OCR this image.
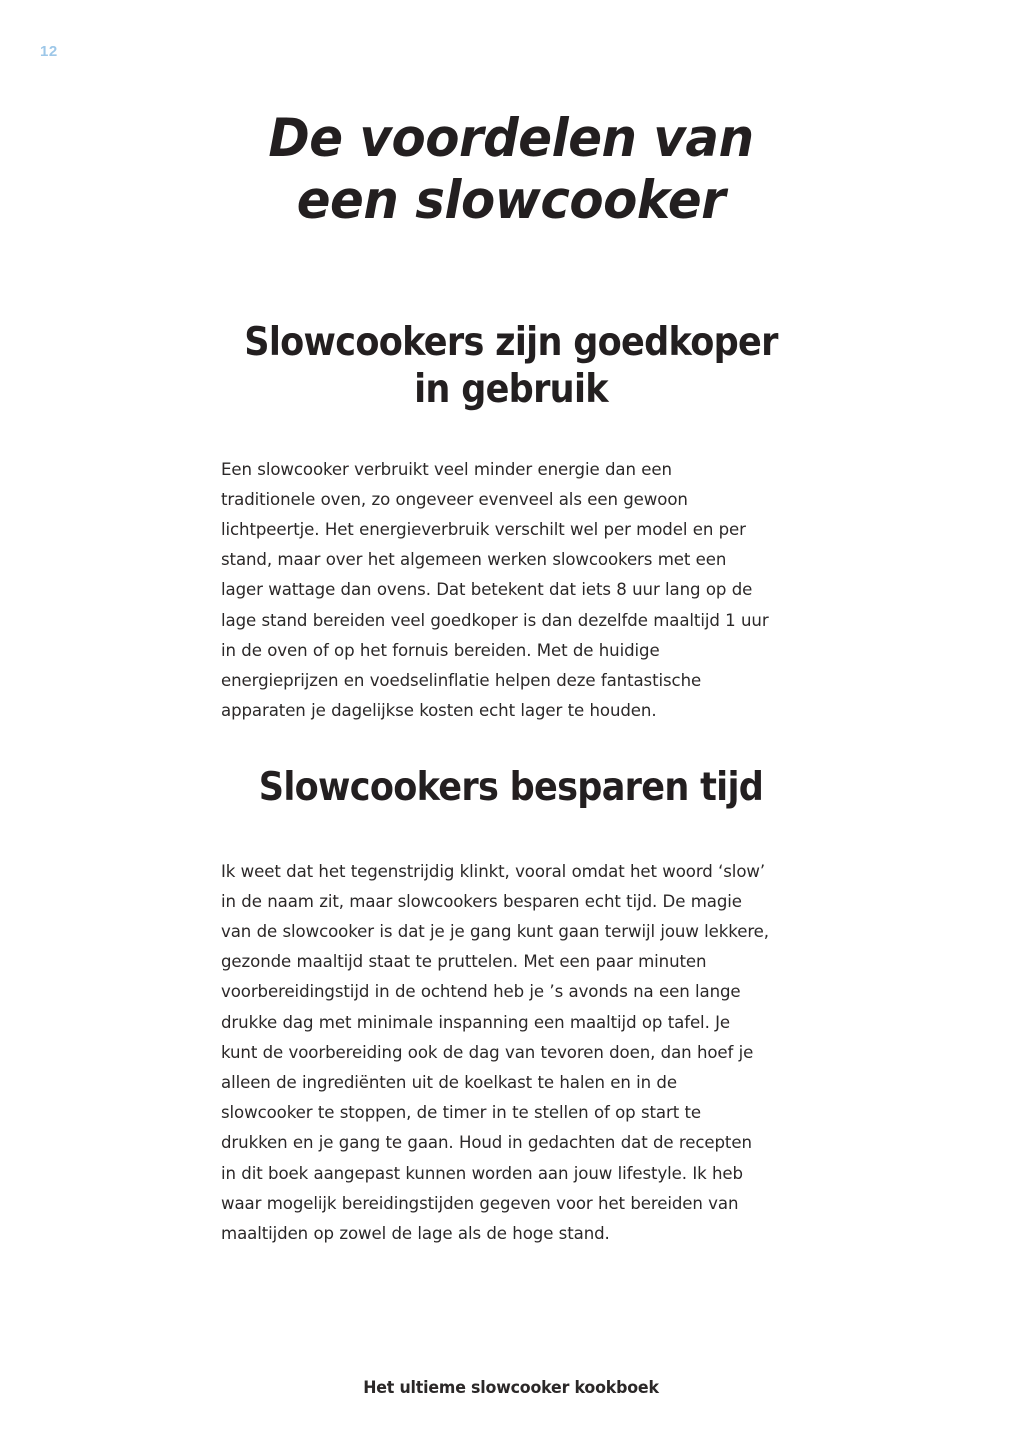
12
De voordelen van
een slowcooker
Slowcookers zijn goedkoper
in gebruik

Een slowcooker verbruikt veel minder energie dan een traditionele oven, zo ongeveer evenveel als een gewoon lichtpeertje. Het energieverbruik verschilt wel per model en per stand, maar over het algemeen werken slowcookers met een lager wattage dan ovens. Dat betekent dat iets 8 uur lang op de lage stand bereiden veel goedkoper is dan dezelfde maaltijd 1 uur in de oven of op het fornuis bereiden. Met de huidige energieprijzen en voedselinflatie helpen deze fantastische apparaten je dagelijkse kosten echt lager te houden.

Slowcookers besparen tijd

Ik weet dat het tegenstrijdig klinkt, vooral omdat het woord ‘slow’ in de naam zit, maar slowcookers besparen echt tijd. De magie van de slowcooker is dat je je gang kunt gaan terwijl jouw lekkere, gezonde maaltijd staat te pruttelen. Met een paar minuten voorbereidingstijd in de ochtend heb je ’s avonds na een lange drukke dag met minimale inspanning een maaltijd op tafel. Je kunt de voorbereiding ook de dag van tevoren doen, dan hoef je alleen de ingrediënten uit de koelkast te halen en in de slowcooker te stoppen, de timer in te stellen of op start te drukken en je gang te gaan. Houd in gedachten dat de recepten in dit boek aangepast kunnen worden aan jouw lifestyle. Ik heb waar mogelijk bereidingstijden gegeven voor het bereiden van maaltijden op zowel de lage als de hoge stand.

Het ultieme slowcooker kookboek
